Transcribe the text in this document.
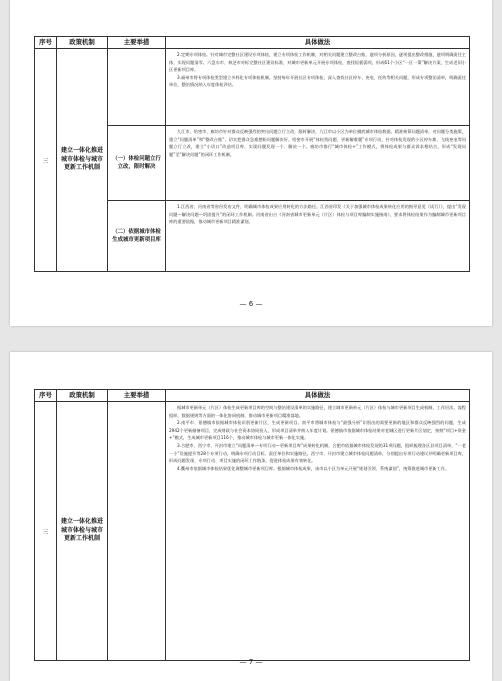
序号	政策机制	主要举措	具体做法
三	建立一体化推进城市体检与城市更新工作机制		2.定期专项体检。针对城市完整社区建设专项体检，建立专项体检工作机制，对相关问题建立整改台账，逐项分析原因，逐项提出整改措施，逐项明确责任主体，实现问题清零。六盘水市、林芝市对标完整社区建设标准，对城市更新单元开展专项体检，查找短板弱项，形成61个小区“一区一策”解决方案，生成老旧小区更新项目库。
3.福州市将专项体检类型建立多样化专项体检机制。坚持每年开展社区专项体检，深入查找社区停车、充电、托幼等相关问题，形成专项整治清单，明确责任单位，整治情况纳入年度体检评估。

		（一）体检问题立行立改，限时解决	九江市、哈密市、廊坊市针对群众反映强烈的突出问题立行立改，限时解决。九江市以小区为单位摸底城市体检数据，精准核算问题清单，对问题分类施策，建立“问题清单”和“整改台账”，切实把群众急难愁盼问题解决好。哈密市开展“体检找问题，更新解难题”专项行动，针对体检发现的小区停车难、飞线充电等问题立行立改，建立“小切口”改造项目库，实现问题发现一个、解决一个。廊坊市推行“城市体检+”工作模式，将体检成果与群众诉求相结合，形成“发现问题”至“解决问题”的闭环工作机制。

		（二）依据城市体检生成城市更新项目库	1.江西省、河南省等省份发布文件，明确城市体检成果应用转化的方法路径。江西省印发《关于加强城市体检成果转化应用的指导意见（试行）》，提出“发现问题—解决问题—巩固提升”的闭环工作机制。河南省出台《河南省城市更新单元（片区）体检与项目库编制实施指南》，要求将体检结果作为编制城市更新项目库的重要依据，推动城市更新项目精准谋划。
— 6 —
序号	政策机制	主要举措	具体做法
三	建立一体化推进城市体检与城市更新工作机制		据城市更新单元（片区）体检生成更新项目库的空间与整治建设清单的实施路径，建立城市更新单元（片区）体检与城市更新项目生成机制，工作层次、流程组织、数据规则等方面的一体化协同机制，推动城市更新项目精准落地。
2.南平市、景德镇市依据城市体检识别更新片区，生成更新项目。南平市将城市体检与“最强分析”识别出的需要更新的地区和群众反映强烈的问题，生成2942个更新储备项目，完成财政与社会资本协同投入，形成项目清单并纳入年度计划。景德镇市依据城市体检结果对老城区进行更新片区划定，按照“项目+资金+”模式，生成城市更新项目116个，推动城市体检与城市更新一体化实施。
3.合肥市、西宁市、开封市建立“问题清单—专项行动—更新项目库”成果转化机制。合肥市依据城市体检发现的31项问题，组织梳理各区县项目清单，“一老一小”设施提升等28个专项行动，明确专项行动目标、责任单位和实施路径。西宁市、开封市建立城市体检问题清单，分别提出专项行动建议并明确更新项目库，形成问题发现、专项行动、项目实施的闭环工作链条，促进体检成果有效转化。
4.衢州市依据城市体检结果优化调整城市更新项目库。根据城市体检成果，该市以小区为单元开展“规划引领、系统谋划”，统筹推进城市更新工作。
— 7 —
